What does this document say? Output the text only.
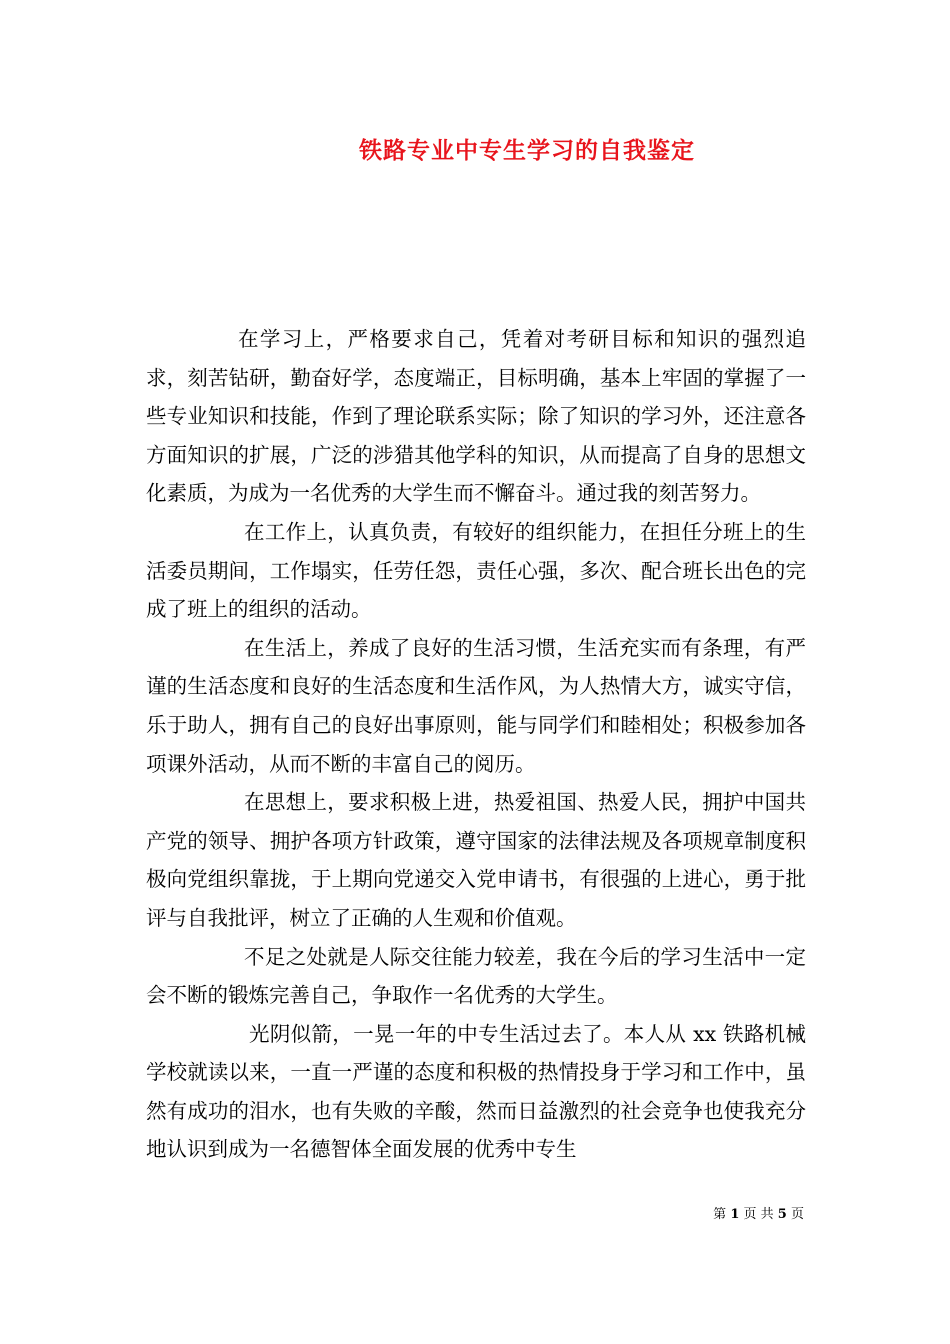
铁路专业中专生学习的自我鉴定

在学习上，严格要求自己，凭着对考研目标和知识的强烈追求，刻苦钻研，勤奋好学，态度端正，目标明确，基本上牢固的掌握了一些专业知识和技能，作到了理论联系实际；除了知识的学习外，还注意各方面知识的扩展，广泛的涉猎其他学科的知识，从而提高了自身的思想文化素质，为成为一名优秀的大学生而不懈奋斗。通过我的刻苦努力。

在工作上，认真负责，有较好的组织能力，在担任分班上的生活委员期间，工作塌实，任劳任怨，责任心强，多次、配合班长出色的完成了班上的组织的活动。

在生活上，养成了良好的生活习惯，生活充实而有条理，有严谨的生活态度和良好的生活态度和生活作风，为人热情大方，诚实守信，乐于助人，拥有自己的良好出事原则，能与同学们和睦相处；积极参加各项课外活动，从而不断的丰富自己的阅历。

在思想上，要求积极上进，热爱祖国、热爱人民，拥护中国共产党的领导、拥护各项方针政策，遵守国家的法律法规及各项规章制度积极向党组织靠拢，于上期向党递交入党申请书，有很强的上进心，勇于批评与自我批评，树立了正确的人生观和价值观。

不足之处就是人际交往能力较差，我在今后的学习生活中一定会不断的锻炼完善自己，争取作一名优秀的大学生。

光阴似箭，一晃一年的中专生活过去了。本人从 xx 铁路机械学校就读以来，一直一严谨的态度和积极的热情投身于学习和工作中，虽然有成功的泪水，也有失败的辛酸，然而日益激烈的社会竞争也使我充分地认识到成为一名德智体全面发展的优秀中专生

第 1 页 共 5 页
